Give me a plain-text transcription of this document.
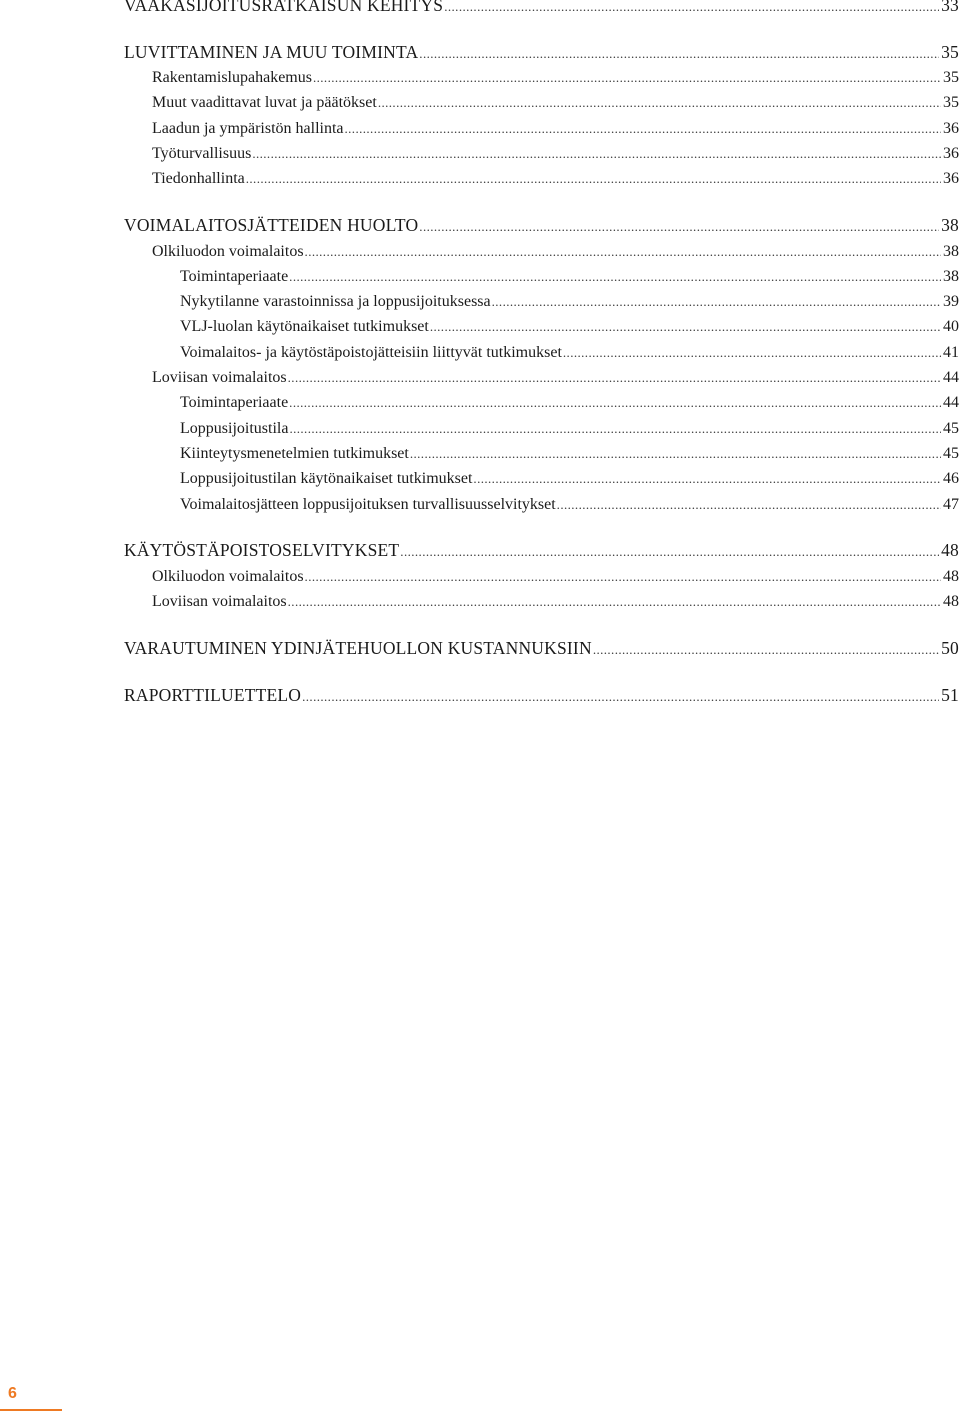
VAAKASIJOITUSRATKAISUN KEHITYS .....	33
LUVITTAMINEN JA MUU TOIMINTA .....	35
Rakentamislupahakemus .....	35
Muut vaadittavat luvat ja päätökset .....	35
Laadun ja ympäristön hallinta .....	36
Työturvallisuus .....	36
Tiedonhallinta .....	36
VOIMALAITOSJÄTTEIDEN HUOLTO .....	38
Olkiluodon voimalaitos .....	38
Toimintaperiaate .....	38
Nykytilanne varastoinnissa ja loppusijoituksessa .....	39
VLJ-luolan käytönaikaiset tutkimukset .....	40
Voimalaitos- ja käytöstäpoistojätteisiin liittyvät tutkimukset .....	41
Loviisan voimalaitos .....	44
Toimintaperiaate .....	44
Loppusijoitustila .....	45
Kiinteytysmenetelmien tutkimukset .....	45
Loppusijoitustilan käytönaikaiset tutkimukset .....	46
Voimalaitosjätteen loppusijoituksen turvallisuusselvitykset .....	47
KÄYTÖSTÄPOISTOSELVITYKSET .....	48
Olkiluodon voimalaitos .....	48
Loviisan voimalaitos .....	48
VARAUTUMINEN YDINJÄTEHUOLLON KUSTANNUKSIIN .....	50
RAPORTTILUETTELO .....	51
6
